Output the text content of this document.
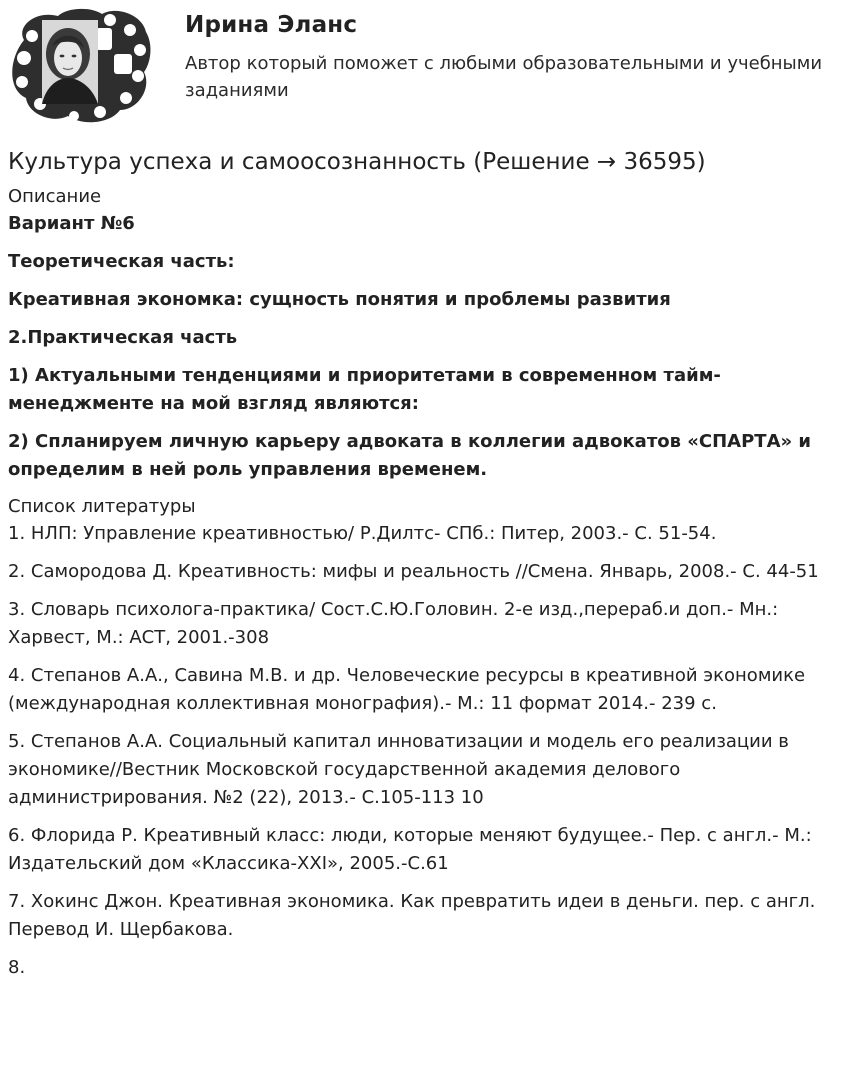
Ирина Эланс
Автор который поможет с любыми образовательными и учебными заданиями
Культура успеха и самоосознанность (Решение → 36595)

Описание

Вариант №6

Теоретическая часть:

Креативная экономка: сущность понятия и проблемы развития

2.Практическая часть

1) Актуальными тенденциями и приоритетами в современном тайм-менеджменте на мой взгляд являются:

2) Спланируем личную карьеру адвоката в коллегии адвокатов «СПАРТА» и определим в ней роль управления временем.

Список литературы

1. НЛП: Управление креативностью/ Р.Дилтс- СПб.: Питер, 2003.- С. 51-54.

2. Самородова Д. Креативность: мифы и реальность //Смена. Январь, 2008.- С. 44-51

3. Словарь психолога-практика/ Сост.С.Ю.Головин. 2-е изд.,перераб.и доп.- Мн.: Харвест, М.: АСТ, 2001.-308

4. Степанов А.А., Савина М.В. и др. Человеческие ресурсы в креативной экономике (международная коллективная монография).- М.: 11 формат 2014.- 239 с.

5. Степанов А.А. Социальный капитал инноватизации и модель его реализации в экономике//Вестник Московской государственной академия делового администрирования. №2 (22), 2013.- С.105-113 10

6. Флорида Р. Креативный класс: люди, которые меняют будущее.- Пер. с англ.- М.: Издательский дом «Классика-XXI», 2005.-С.61

7. Хокинс Джон. Креативная экономика. Как превратить идеи в деньги. пер. с англ. Перевод И. Щербакова.

8.
